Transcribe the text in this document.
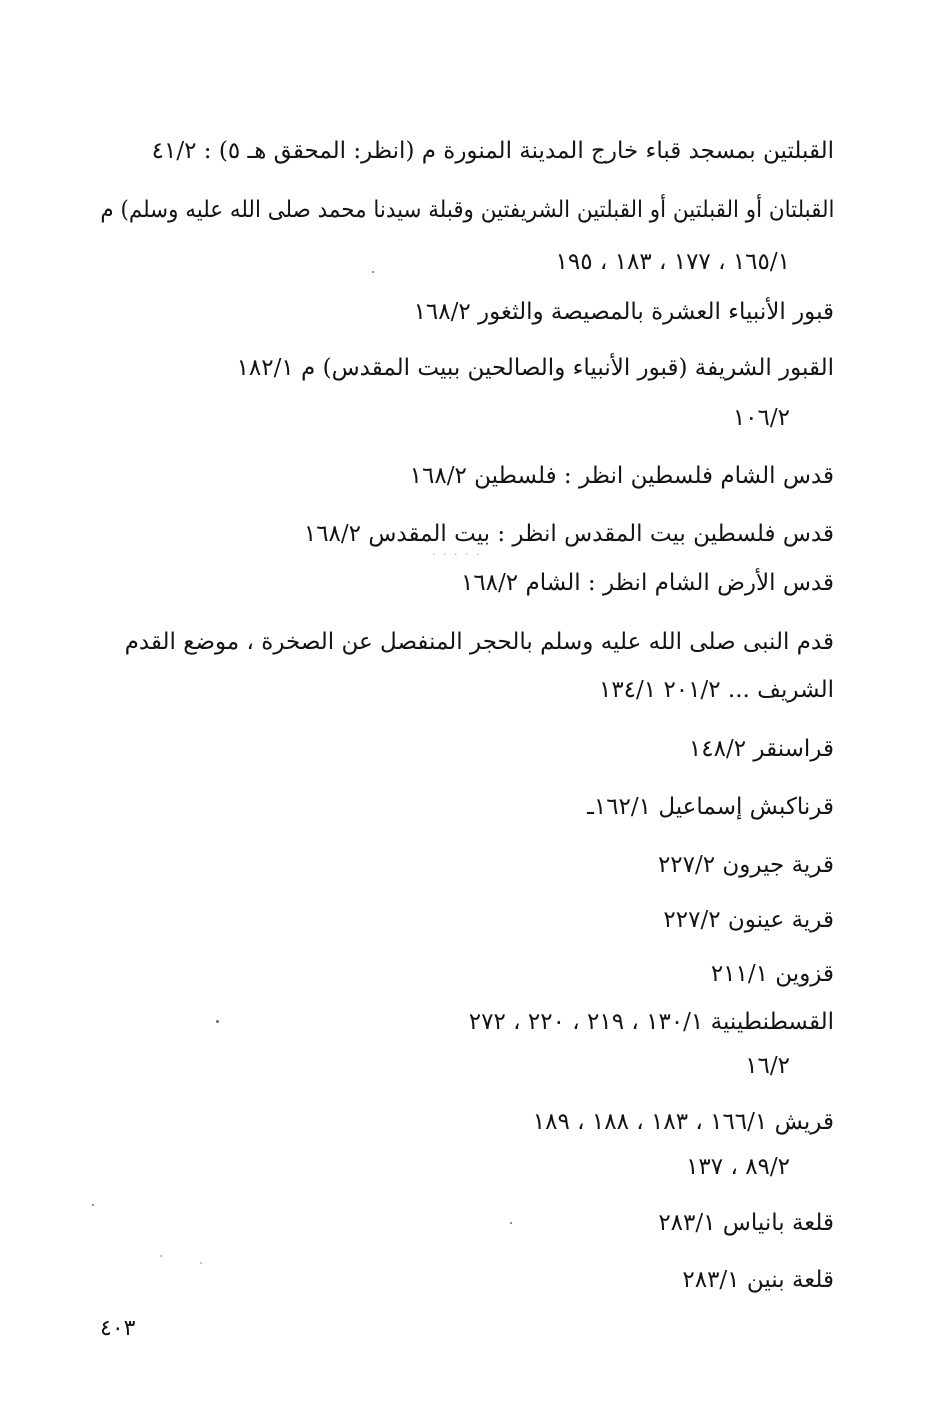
القبلتين بمسجد قباء خارج المدينة المنورة م (انظر: المحقق هـ ٥) : ٤١/٢
القبلتان أو القبلتين أو القبلتين الشريفتين وقبلة سيدنا محمد صلى الله عليه وسلم) م
١٦٥/١ ، ١٧٧ ، ١٨٣ ، ١٩٥
قبور الأنبياء العشرة بالمصيصة والثغور ١٦٨/٢
القبور الشريفة (قبور الأنبياء والصالحين ببيت المقدس) م ١٨٢/١
١٠٦/٢
قدس الشام فلسطين انظر : فلسطين ١٦٨/٢
قدس فلسطين بيت المقدس انظر : بيت المقدس ١٦٨/٢
· ‧ · ‧ ·
قدس الأرض الشام انظر : الشام ١٦٨/٢
قدم النبى صلى الله عليه وسلم بالحجر المنفصل عن الصخرة ، موضع القدم
الشريف ... ٢٠١/٢ ١٣٤/١
قراسنقر ١٤٨/٢
قرناكبش إسماعيل ١٦٢/١ـ
قرية جيرون ٢٢٧/٢
قرية عينون ٢٢٧/٢
قزوين ٢١١/١
القسطنطينية ١٣٠/١ ، ٢١٩ ، ٢٢٠ ، ٢٧٢
١٦/٢
قريش ١٦٦/١ ، ١٨٣ ، ١٨٨ ، ١٨٩
٨٩/٢ ، ١٣٧
قلعة بانياس ٢٨٣/١
قلعة بنين ٢٨٣/١
٤٠٣
